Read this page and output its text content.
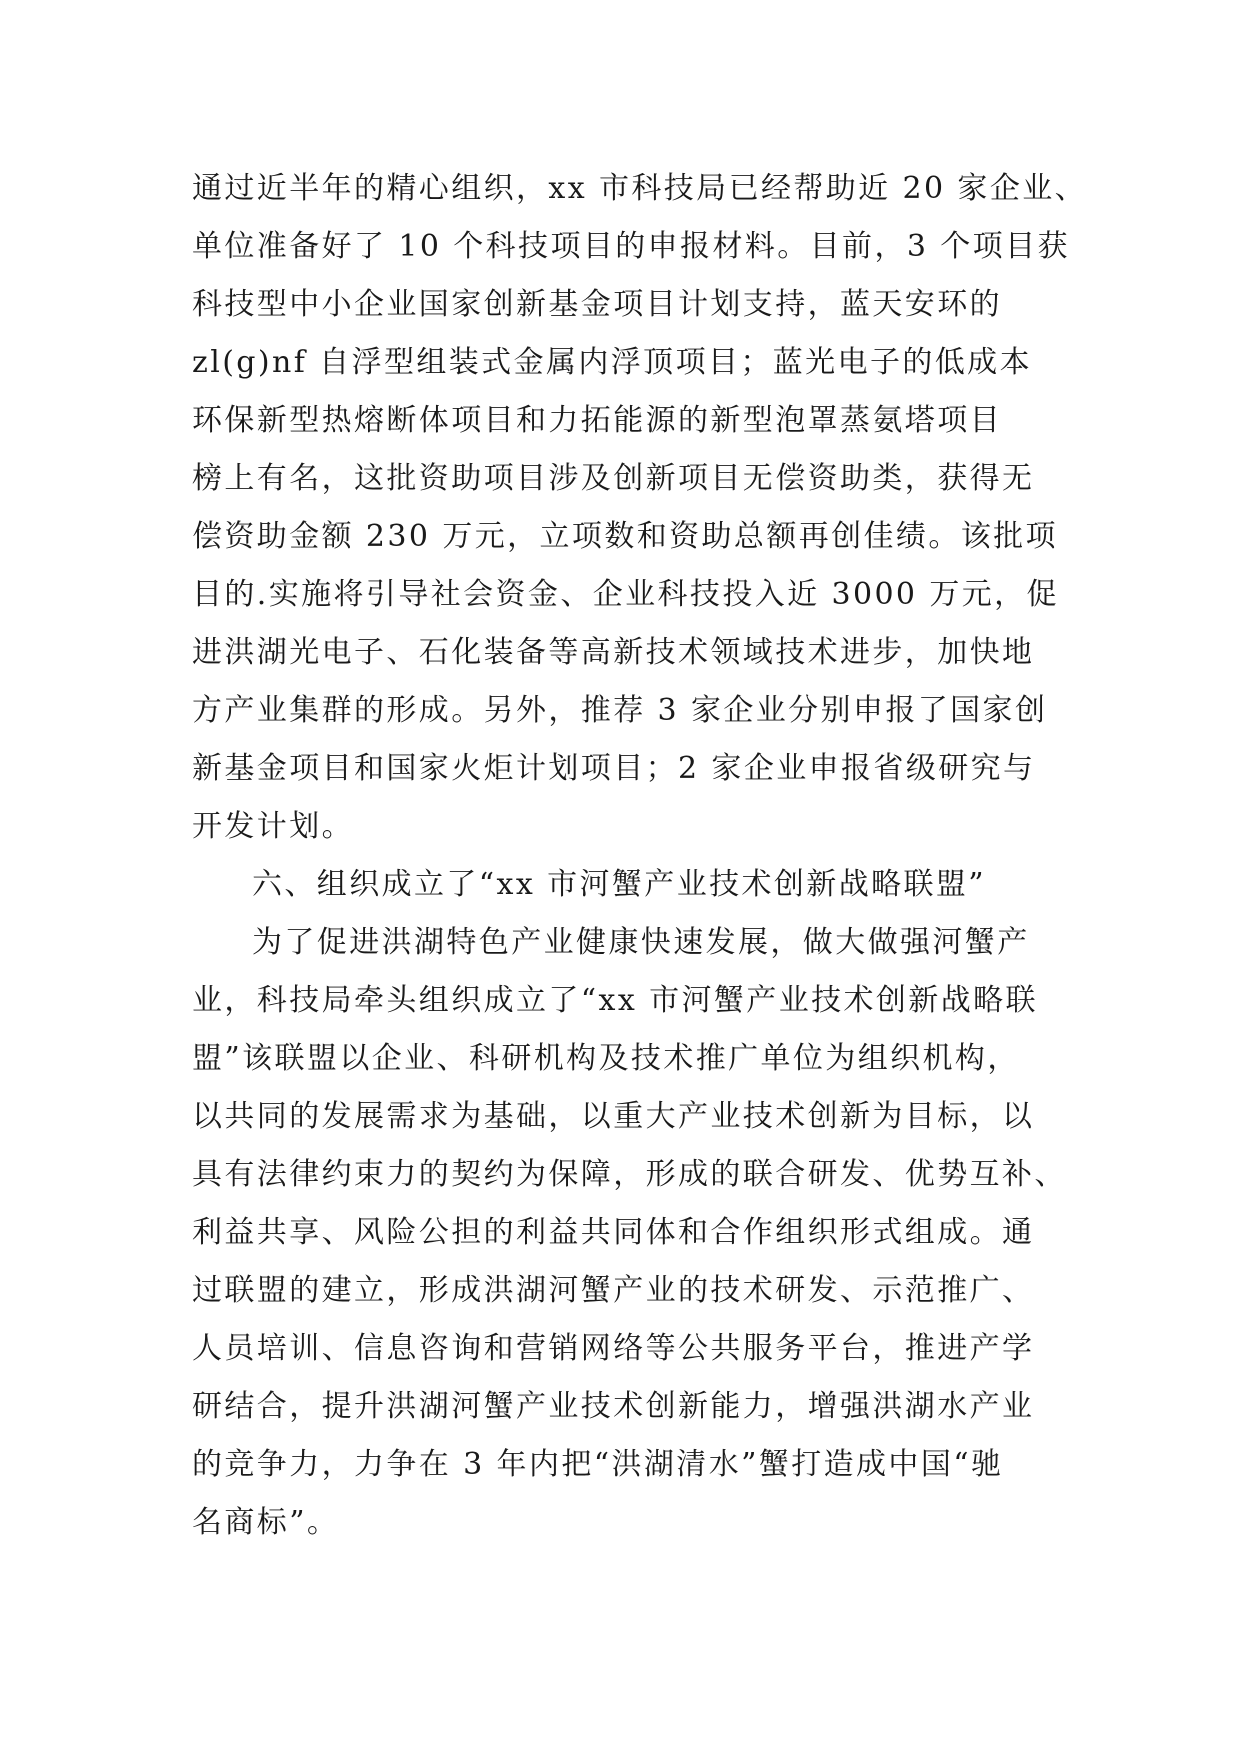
通过近半年的精心组织，xx 市科技局已经帮助近 20 家企业、
单位准备好了 10 个科技项目的申报材料。目前，3 个项目获
科技型中小企业国家创新基金项目计划支持，蓝天安环的
zl(g)nf 自浮型组装式金属内浮顶项目；蓝光电子的低成本
环保新型热熔断体项目和力拓能源的新型泡罩蒸氨塔项目
榜上有名，这批资助项目涉及创新项目无偿资助类，获得无
偿资助金额 230 万元，立项数和资助总额再创佳绩。该批项
目的.实施将引导社会资金、企业科技投入近 3000 万元，促
进洪湖光电子、石化装备等高新技术领域技术进步，加快地
方产业集群的形成。另外，推荐 3 家企业分别申报了国家创
新基金项目和国家火炬计划项目；2 家企业申报省级研究与
开发计划。
六、组织成立了“xx 市河蟹产业技术创新战略联盟”
为了促进洪湖特色产业健康快速发展，做大做强河蟹产
业，科技局牵头组织成立了“xx 市河蟹产业技术创新战略联
盟”该联盟以企业、科研机构及技术推广单位为组织机构，
以共同的发展需求为基础，以重大产业技术创新为目标，以
具有法律约束力的契约为保障，形成的联合研发、优势互补、
利益共享、风险公担的利益共同体和合作组织形式组成。通
过联盟的建立，形成洪湖河蟹产业的技术研发、示范推广、
人员培训、信息咨询和营销网络等公共服务平台，推进产学
研结合，提升洪湖河蟹产业技术创新能力，增强洪湖水产业
的竞争力，力争在 3 年内把“洪湖清水”蟹打造成中国“驰
名商标”。
